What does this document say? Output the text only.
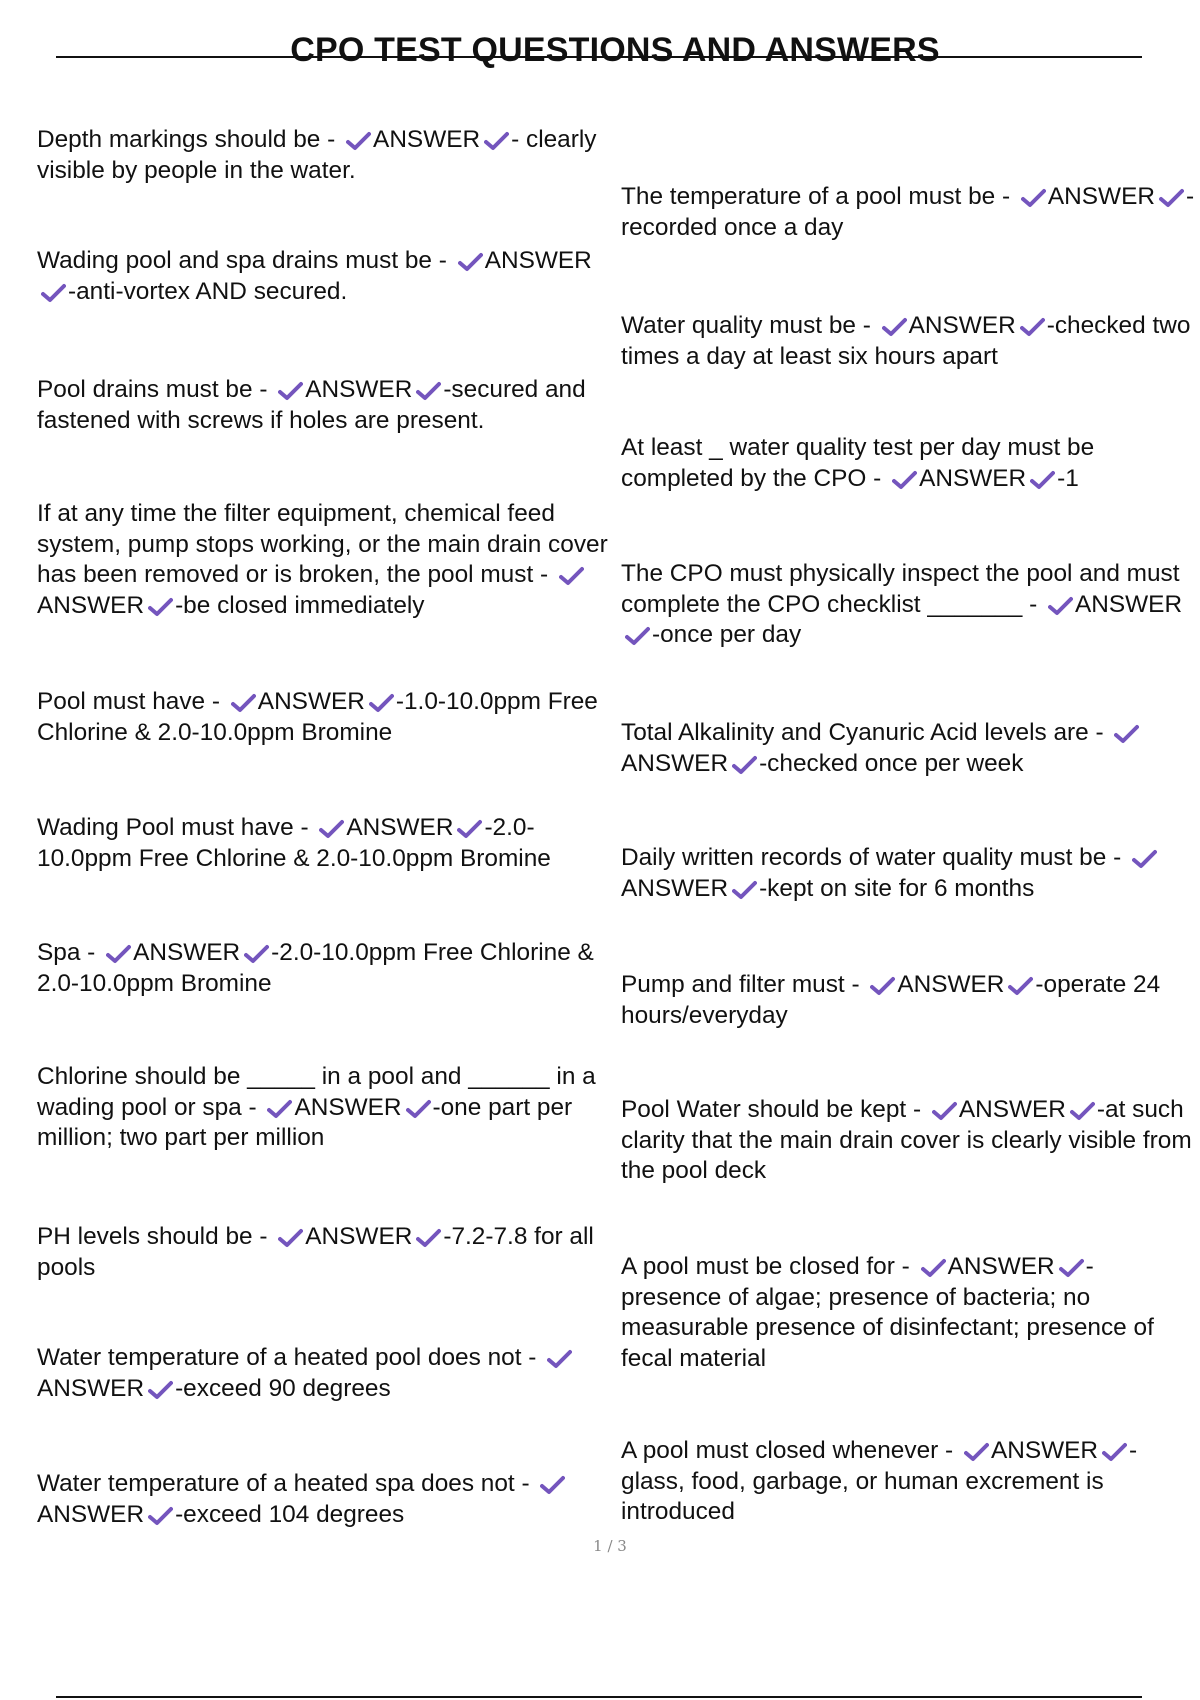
CPO TEST QUESTIONS AND ANSWERS
Depth markings should be - ANSWER - clearly visible by people in the water.
Wading pool and spa drains must be - ANSWER
-anti-vortex AND secured.
Pool drains must be - ANSWER -secured and fastened with screws if holes are present.
If at any time the filter equipment, chemical feed system, pump stops working, or the main drain cover has been removed or is broken, the pool must -
ANSWER -be closed immediately
Pool must have - ANSWER -1.0-10.0ppm Free Chlorine & 2.0-10.0ppm Bromine
Wading Pool must have - ANSWER -2.0-10.0ppm Free Chlorine & 2.0-10.0ppm Bromine
Spa - ANSWER -2.0-10.0ppm Free Chlorine & 2.0-10.0ppm Bromine
Chlorine should be _____ in a pool and ______ in a wading pool or spa - ANSWER -one part per million; two part per million
PH levels should be - ANSWER -7.2-7.8 for all pools
Water temperature of a heated pool does not -
ANSWER -exceed 90 degrees
Water temperature of a heated spa does not -
ANSWER -exceed 104 degrees
The temperature of a pool must be - ANSWER -recorded once a day
Water quality must be - ANSWER -checked two times a day at least six hours apart
At least _ water quality test per day must be completed by the CPO - ANSWER -1
The CPO must physically inspect the pool and must complete the CPO checklist _______ - ANSWER
-once per day
Total Alkalinity and Cyanuric Acid levels are -
ANSWER -checked once per week
Daily written records of water quality must be -
ANSWER -kept on site for 6 months
Pump and filter must - ANSWER -operate 24 hours/everyday
Pool Water should be kept - ANSWER -at such clarity that the main drain cover is clearly visible from the pool deck
A pool must be closed for - ANSWER - presence of algae; presence of bacteria; no measurable presence of disinfectant; presence of fecal material
A pool must closed whenever - ANSWER - glass, food, garbage, or human excrement is introduced
1 / 3
